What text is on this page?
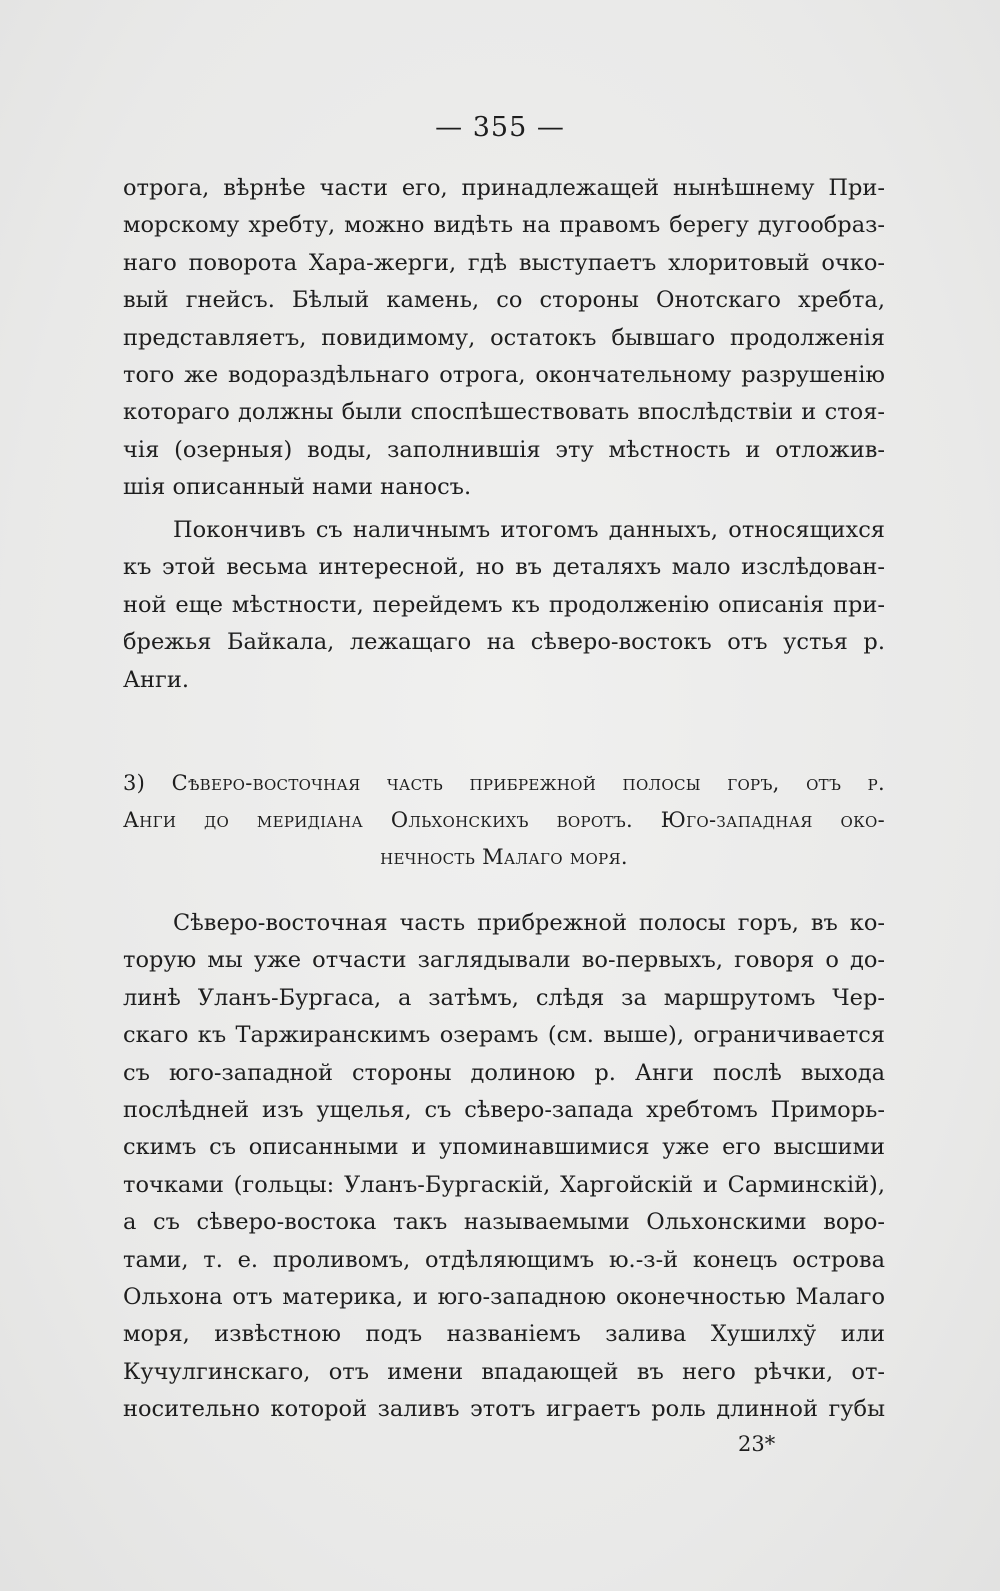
— 355 —
отрога, вѣрнѣе части его, принадлежащей нынѣшнему При-
морскому хребту, можно видѣть на правомъ берегу дугообраз-
наго поворота Хара-жерги, гдѣ выступаетъ хлоритовый очко-
вый гнейсъ. Бѣлый камень, со стороны Онотскаго хребта,
представляетъ, повидимому, остатокъ бывшаго продолженія
того же водораздѣльнаго отрога, окончательному разрушенію
котораго должны были споспѣшествовать впослѣдствіи и стоя-
чія (озерныя) воды, заполнившія эту мѣстность и отложив-
шія описанный нами наносъ.
Покончивъ съ наличнымъ итогомъ данныхъ, относящихся
къ этой весьма интересной, но въ деталяхъ мало изслѣдован-
ной еще мѣстности, перейдемъ къ продолженію описанія при-
брежья Байкала, лежащаго на сѣверо-востокъ отъ устья р.
Анги.
3) Сѣверо-восточная часть прибрежной полосы горъ, отъ р.
Анги до меридіана Ольхонскихъ воротъ. Юго-западная око-
нечность Малаго моря.
Сѣверо-восточная часть прибрежной полосы горъ, въ ко-
торую мы уже отчасти заглядывали во-первыхъ, говоря о до-
линѣ Уланъ-Бургаса, а затѣмъ, слѣдя за маршрутомъ Чер-
скаго къ Таржиранскимъ озерамъ (см. выше), ограничивается
съ юго-западной стороны долиною р. Анги послѣ выхода
послѣдней изъ ущелья, съ сѣверо-запада хребтомъ Приморь-
скимъ съ описанными и упоминавшимися уже его высшими
точками (гольцы: Уланъ-Бургаскій, Харгойскій и Сарминскій),
а съ сѣверо-востока такъ называемыми Ольхонскими воро-
тами, т. е. проливомъ, отдѣляющимъ ю.-з-й конецъ острова
Ольхона отъ материка, и юго-западною оконечностью Малаго
моря, извѣстною подъ названіемъ залива Хушилхў или
Кучулгинскаго, отъ имени впадающей въ него рѣчки, от-
носительно которой заливъ этотъ играетъ роль длинной губы
23*
